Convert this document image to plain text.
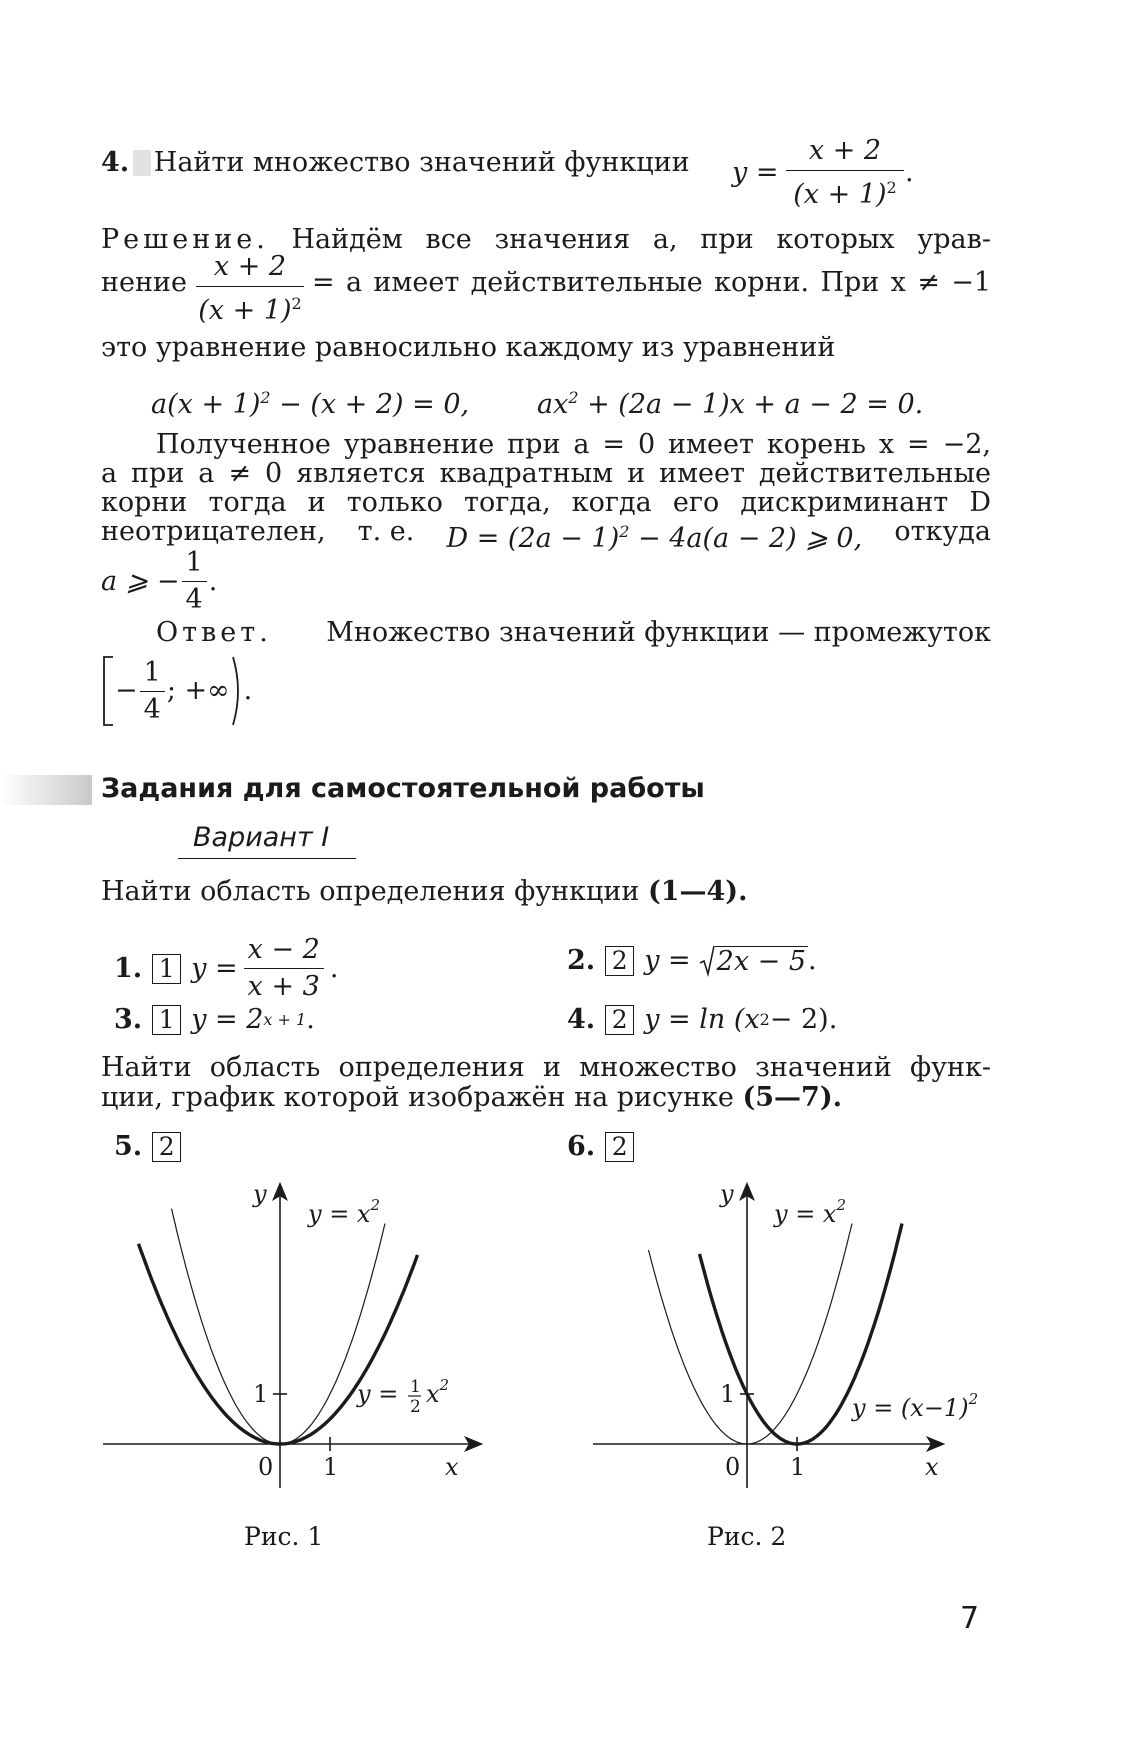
4. Найти множество значений функции $y = \frac{x + 2}{(x + 1)^2}$ .
Решение. Найдём все значения a, при которых урав-
нение
x + 2
$(x + 1)^2$
= a имеет действительные корни. При x ≠ −1
это уравнение равносильно каждому из уравнений
$a(x + 1)^2 - (x + 2) = 0$,	$ax^2 + (2a - 1)x + a - 2 = 0$.
Полученное уравнение при a = 0 имеет корень x = −2,
а при a ≠ 0 является квадратным и имеет действительные
корни тогда и только тогда, когда его дискриминант D
неотрицателен, т. е. $D = (2a - 1)^2 - 4a(a - 2)$ ⩾ 0, откуда
a ⩾ − $\frac{1}{4}$ .
Ответ. Множество значений функции — промежуток
− $\frac{1}{4}$ ; +∞ .
Задания для самостоятельной работы
Вариант I
Найти область определения функции (1—4).
1. 1 $y = \frac{x - 2}{x + 3}$ .	2. 2 y = 2x − 5 .
3. 1 y = 2 x + 1 .	4. 2 y = ln (x 2 − 2).
Найти область определения и множество значений функ-
ции, график которой изображён на рисунке (5—7).
5. 2	6. 2
y
x
0 1
1
$y = x^2$
y = 1
2 $x^2$
Рис. 1
y
x
0 1
1
$y = x^2$
$y = (x-1)^2$
Рис. 2
7
